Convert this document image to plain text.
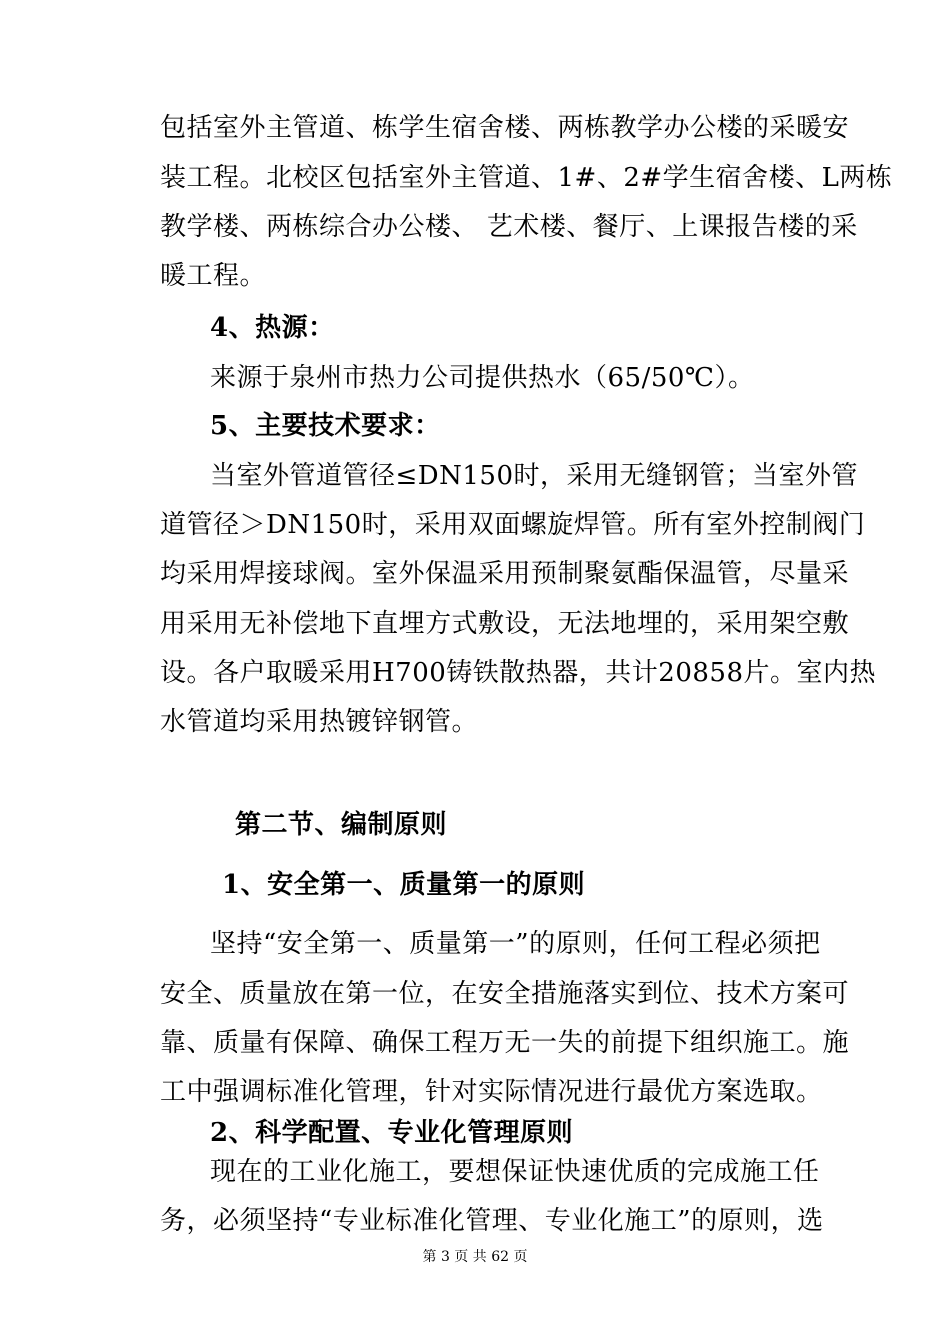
包括室外主管道、栋学生宿舍楼、两栋教学办公楼的采暖安
装工程。北校区包括室外主管道、1#、2#学生宿舍楼、L两栋
教学楼、两栋综合办公楼、 艺术楼、餐厅、上课报告楼的采
暖工程。
4、热源：
来源于泉州市热力公司提供热水（65/50℃）。
5、主要技术要求：
当室外管道管径≤DN150时，采用无缝钢管；当室外管
道管径＞DN150时，采用双面螺旋焊管。所有室外控制阀门
均采用焊接球阀。室外保温采用预制聚氨酯保温管，尽量采
用采用无补偿地下直埋方式敷设，无法地埋的，采用架空敷
设。各户取暖采用H700铸铁散热器，共计20858片。室内热
水管道均采用热镀锌钢管。
第二节、编制原则
1、安全第一、质量第一的原则
坚持“安全第一、质量第一”的原则，任何工程必须把
安全、质量放在第一位，在安全措施落实到位、技术方案可
靠、质量有保障、确保工程万无一失的前提下组织施工。施
工中强调标准化管理，针对实际情况进行最优方案选取。
2、科学配置、专业化管理原则
现在的工业化施工，要想保证快速优质的完成施工任
务，必须坚持“专业标准化管理、专业化施工”的原则，选
第 3 页 共 62 页
